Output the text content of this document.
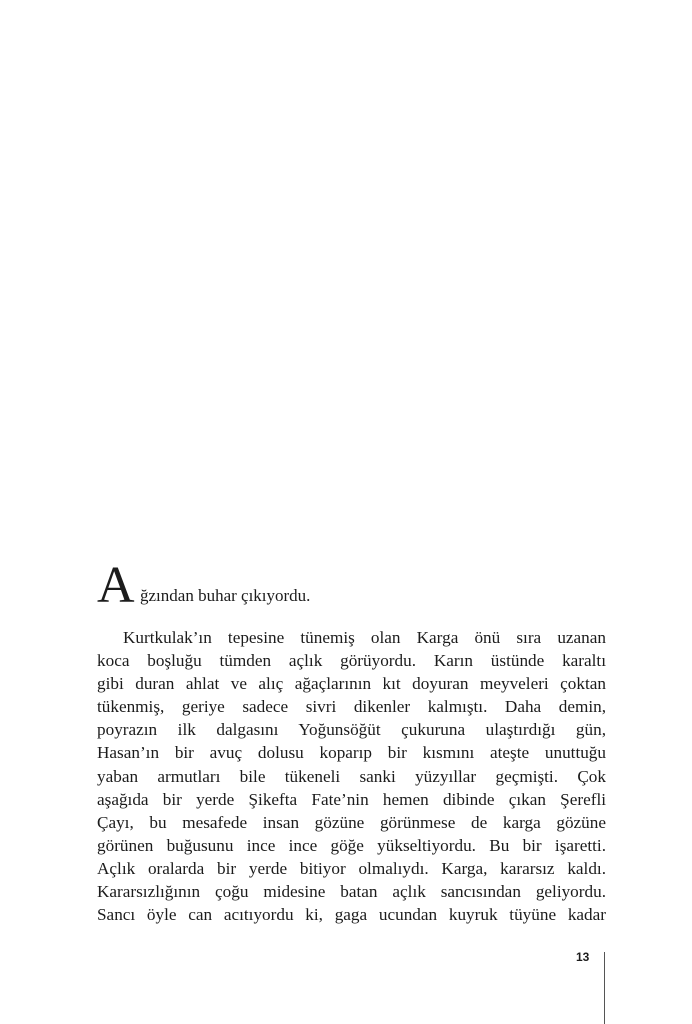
A ğzından buhar çıkıyordu.

Kurtkulak’ın tepesine tünemiş olan Karga önü sıra uzanan

koca boşluğu tümden açlık görüyordu. Karın üstünde karaltı

gibi duran ahlat ve alıç ağaçlarının kıt doyuran meyveleri çoktan

tükenmiş, geriye sadece sivri dikenler kalmıştı. Daha demin,

poyrazın ilk dalgasını Yoğunsöğüt çukuruna ulaştırdığı gün,

Hasan’ın bir avuç dolusu koparıp bir kısmını ateşte unuttuğu

yaban armutları bile tükeneli sanki yüzyıllar geçmişti. Çok

aşağıda bir yerde Şikefta Fate’nin hemen dibinde çıkan Şerefli

Çayı, bu mesafede insan gözüne görünmese de karga gözüne

görünen buğusunu ince ince göğe yükseltiyordu. Bu bir işaretti.

Açlık oralarda bir yerde bitiyor olmalıydı. Karga, kararsız kaldı.

Kararsızlığının çoğu midesine batan açlık sancısından geliyordu.

Sancı öyle can acıtıyordu ki, gaga ucundan kuyruk tüyüne kadar

13
